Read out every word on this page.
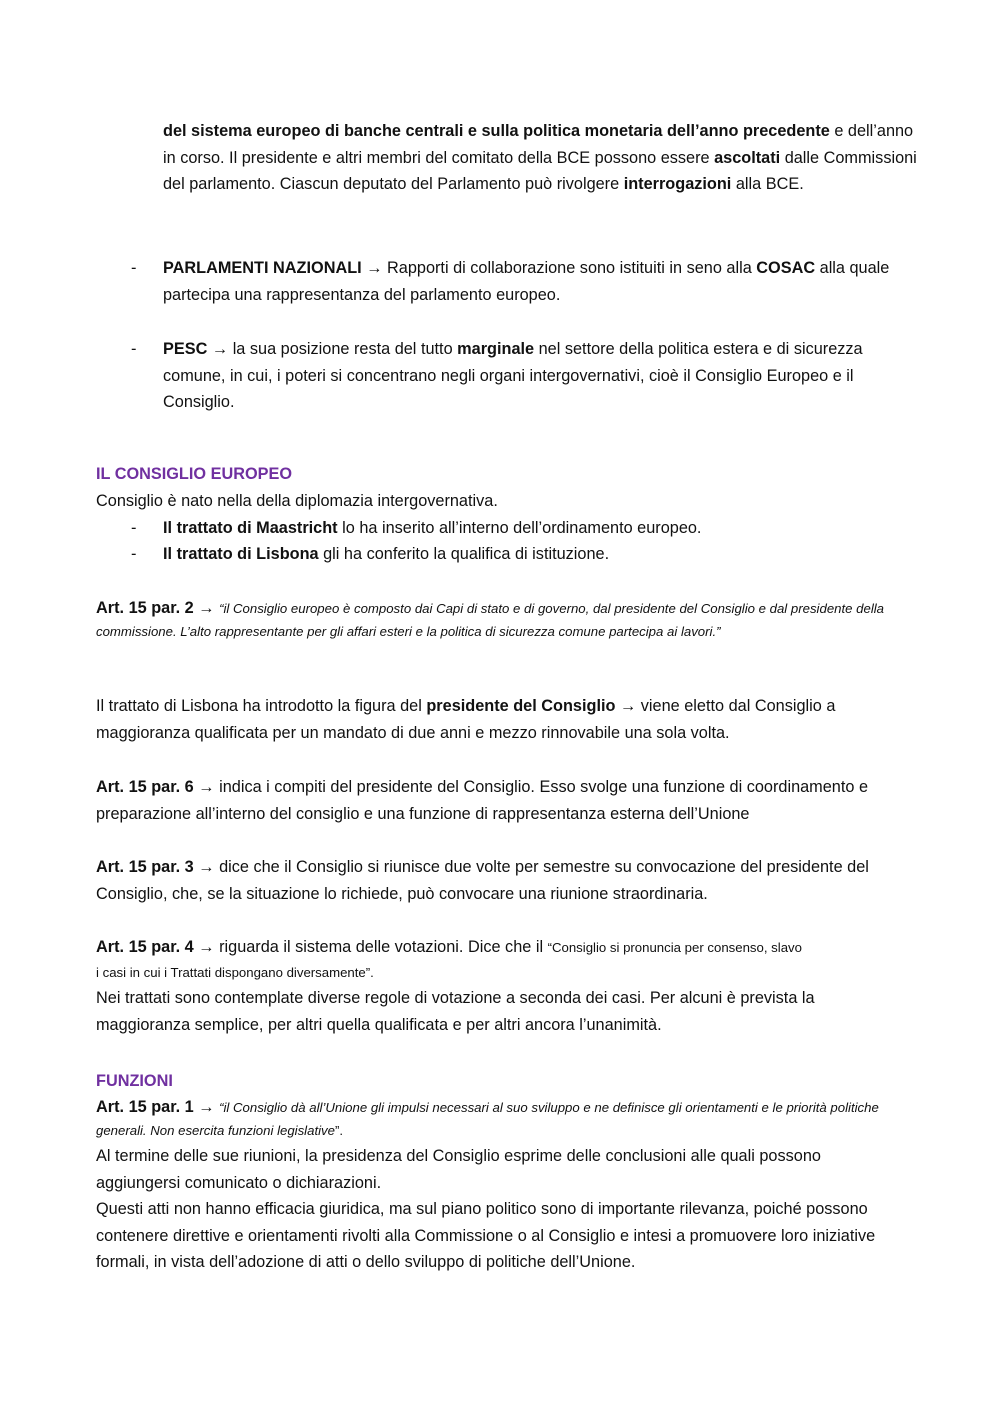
del sistema europeo di banche centrali e sulla politica monetaria dell’anno precedente e dell’anno in corso. Il presidente e altri membri del comitato della BCE possono essere ascoltati dalle Commissioni del parlamento. Ciascun deputato del Parlamento può rivolgere interrogazioni alla BCE.

- PARLAMENTI NAZIONALI → Rapporti di collaborazione sono istituiti in seno alla COSAC alla quale partecipa una rappresentanza del parlamento europeo.

- PESC → la sua posizione resta del tutto marginale nel settore della politica estera e di sicurezza comune, in cui, i poteri si concentrano negli organi intergovernativi, cioè il Consiglio Europeo e il Consiglio.

IL CONSIGLIO EUROPEO

Consiglio è nato nella della diplomazia intergovernativa.

- Il trattato di Maastricht lo ha inserito all’interno dell’ordinamento europeo.

- Il trattato di Lisbona gli ha conferito la qualifica di istituzione.

Art. 15 par. 2 → “il Consiglio europeo è composto dai Capi di stato e di governo, dal presidente del Consiglio e dal presidente della commissione. L’alto rappresentante per gli affari esteri e la politica di sicurezza comune partecipa ai lavori.”

Il trattato di Lisbona ha introdotto la figura del presidente del Consiglio → viene eletto dal Consiglio a maggioranza qualificata per un mandato di due anni e mezzo rinnovabile una sola volta.

Art. 15 par. 6 → indica i compiti del presidente del Consiglio. Esso svolge una funzione di coordinamento e preparazione all’interno del consiglio e una funzione di rappresentanza esterna dell’Unione

Art. 15 par. 3 → dice che il Consiglio si riunisce due volte per semestre su convocazione del presidente del Consiglio, che, se la situazione lo richiede, può convocare una riunione straordinaria.

Art. 15 par. 4 → riguarda il sistema delle votazioni. Dice che il “Consiglio si pronuncia per consenso, slavo
i casi in cui i Trattati dispongano diversamente”.

Nei trattati sono contemplate diverse regole di votazione a seconda dei casi. Per alcuni è prevista la maggioranza semplice, per altri quella qualificata e per altri ancora l’unanimità.

FUNZIONI

Art. 15 par. 1 → “il Consiglio dà all’Unione gli impulsi necessari al suo sviluppo e ne definisce gli orientamenti e le priorità politiche generali. Non esercita funzioni legislative”.

Al termine delle sue riunioni, la presidenza del Consiglio esprime delle conclusioni alle quali possono aggiungersi comunicato o dichiarazioni.

Questi atti non hanno efficacia giuridica, ma sul piano politico sono di importante rilevanza, poiché possono contenere direttive e orientamenti rivolti alla Commissione o al Consiglio e intesi a promuovere loro iniziative formali, in vista dell’adozione di atti o dello sviluppo di politiche dell’Unione.
